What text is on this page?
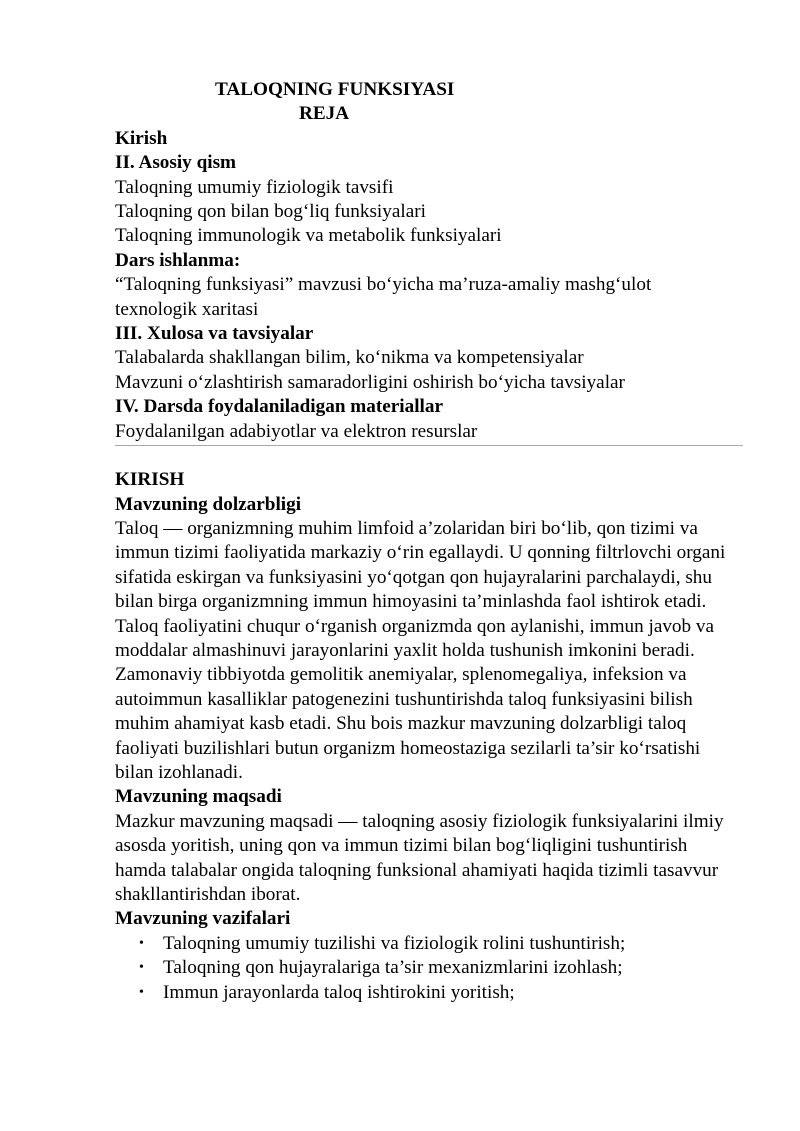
TALOQNING FUNKSIYASI
REJA
Kirish
II. Asosiy qism
Taloqning umumiy fiziologik tavsifi
Taloqning qon bilan bog‘liq funksiyalari
Taloqning immunologik va metabolik funksiyalari
Dars ishlanma:
“Taloqning funksiyasi” mavzusi bo‘yicha ma’ruza-amaliy mashg‘ulot
texnologik xaritasi
III. Xulosa va tavsiyalar
Talabalarda shakllangan bilim, ko‘nikma va kompetensiyalar
Mavzuni o‘zlashtirish samaradorligini oshirish bo‘yicha tavsiyalar
IV. Darsda foydalaniladigan materiallar
Foydalanilgan adabiyotlar va elektron resurslar
KIRISH
Mavzuning dolzarbligi
Taloq — organizmning muhim limfoid a’zolaridan biri bo‘lib, qon tizimi va immun tizimi faoliyatida markaziy o‘rin egallaydi. U qonning filtrlovchi organi sifatida eskirgan va funksiyasini yo‘qotgan qon hujayralarini parchalaydi, shu bilan birga organizmning immun himoyasini ta’minlashda faol ishtirok etadi. Taloq faoliyatini chuqur o‘rganish organizmda qon aylanishi, immun javob va moddalar almashinuvi jarayonlarini yaxlit holda tushunish imkonini beradi. Zamonaviy tibbiyotda gemolitik anemiyalar, splenomegaliya, infeksion va autoimmun kasalliklar patogenezini tushuntirishda taloq funksiyasini bilish muhim ahamiyat kasb etadi. Shu bois mazkur mavzuning dolzarbligi taloq faoliyati buzilishlari butun organizm homeostaziga sezilarli ta’sir ko‘rsatishi bilan izohlanadi.
Mavzuning maqsadi
Mazkur mavzuning maqsadi — taloqning asosiy fiziologik funksiyalarini ilmiy asosda yoritish, uning qon va immun tizimi bilan bog‘liqligini tushuntirish hamda talabalar ongida taloqning funksional ahamiyati haqida tizimli tasavvur shakllantirishdan iborat.
Mavzuning vazifalari
• Taloqning umumiy tuzilishi va fiziologik rolini tushuntirish;
• Taloqning qon hujayralariga ta’sir mexanizmlarini izohlash;
• Immun jarayonlarda taloq ishtirokini yoritish;
